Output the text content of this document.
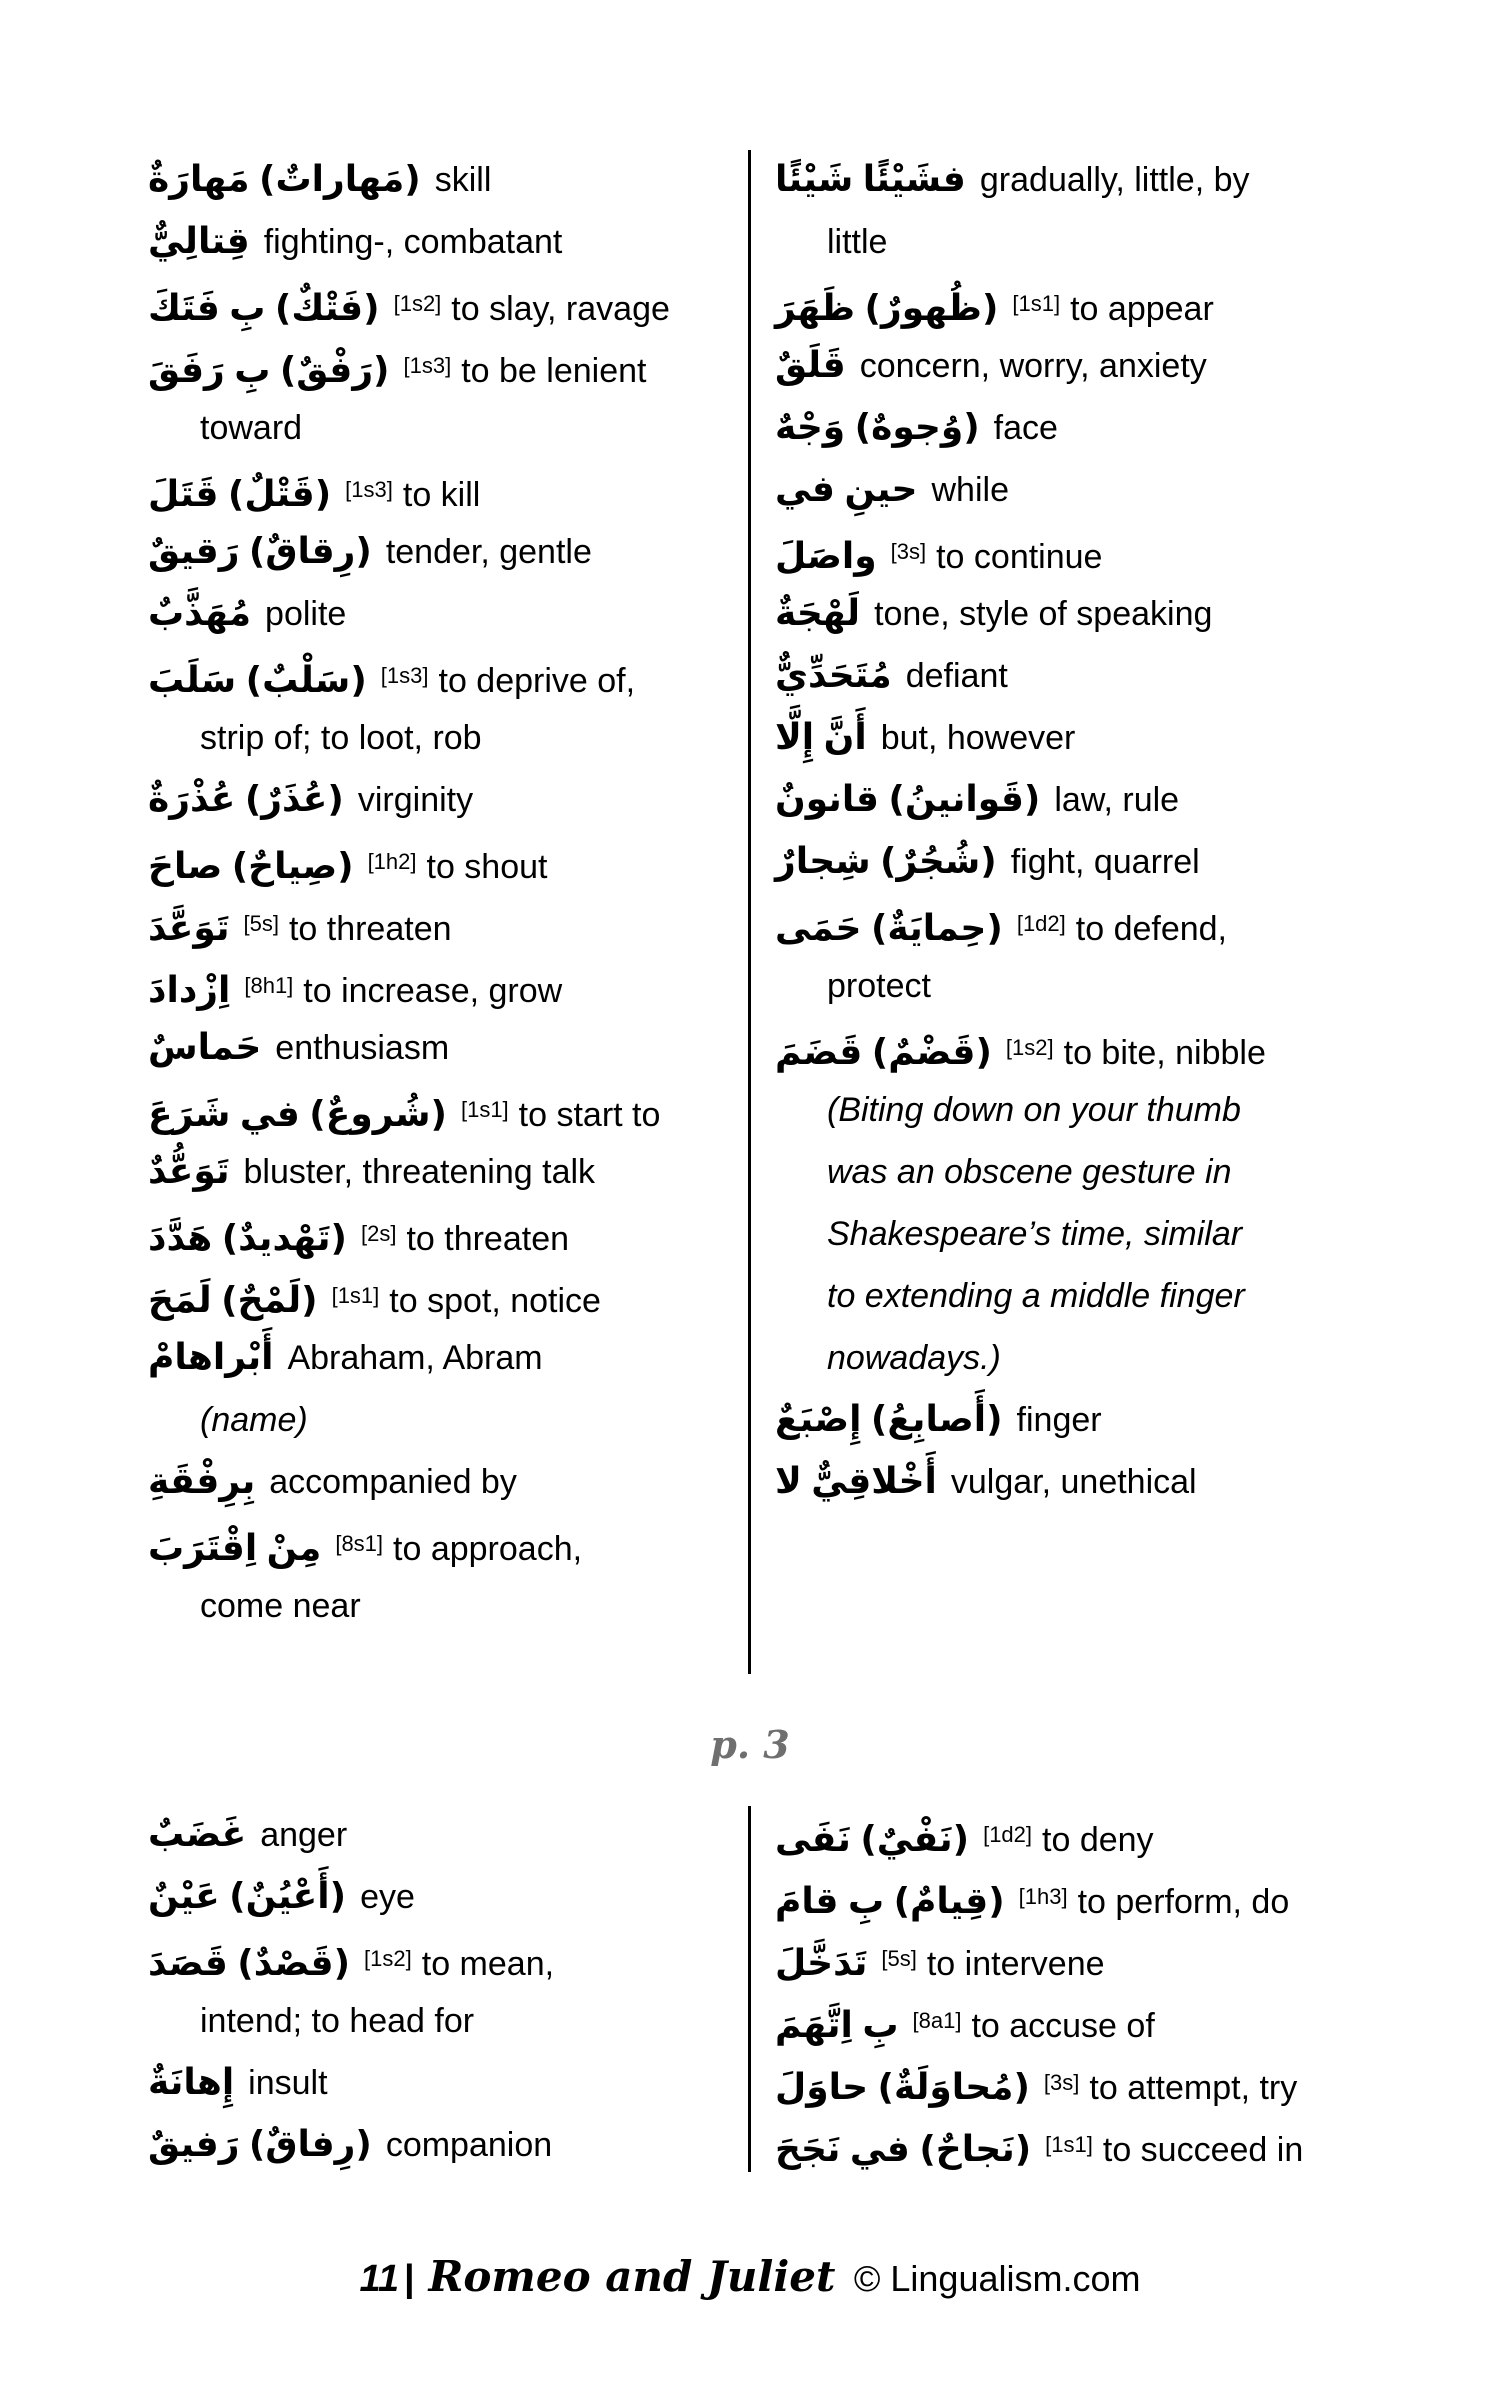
مَهارَةٌ (مَهاراتٌ) skill
قِتالِيٌّ fighting-, combatant
فَتَكَ بِ (فَتْكٌ) [1s2] to slay, ravage
رَفَقَ بِ (رَفْقٌ) [1s3] to be lenient
toward
قَتَلَ (قَتْلٌ) [1s3] to kill
رَقيقٌ (رِقاقٌ) tender, gentle
مُهَذَّبٌ polite
سَلَبَ (سَلْبٌ) [1s3] to deprive of,
strip of; to loot, rob
عُذْرَةٌ (عُذَرٌ) virginity
صاحَ (صِياحٌ) [1h2] to shout
تَوَعَّدَ [5s] to threaten
اِزْدادَ [8h1] to increase, grow
حَماسٌ enthusiasm
شَرَعَ في (شُروعٌ) [1s1] to start to
تَوَعُّدٌ bluster, threatening talk
هَدَّدَ (تَهْديدٌ) [2s] to threaten
لَمَحَ (لَمْحٌ) [1s1] to spot, notice
أَبْراهامْ Abraham, Abram
(name)
بِرِفْقَةِ accompanied by
اِقْتَرَبَ مِنْ [8s1] to approach,
come near
شَيْئًا فشَيْئًا gradually, little, by
little
ظَهَرَ (ظُهورٌ) [1s1] to appear
قَلَقٌ concern, worry, anxiety
وَجْهٌ (وُجوهٌ) face
في حينِ while
واصَلَ [3s] to continue
لَهْجَةٌ tone, style of speaking
مُتَحَدِّيٌّ defiant
إِلَّا أَنَّ but, however
قانونٌ (قَوانينُ) law, rule
شِجارٌ (شُجُرٌ) fight, quarrel
حَمَى (حِمايَةٌ) [1d2] to defend,
protect
قَضَمَ (قَضْمٌ) [1s2] to bite, nibble
(Biting down on your thumb
was an obscene gesture in
Shakespeare’s time, similar
to extending a middle finger
nowadays.)
إِصْبَعٌ (أَصابِعُ) finger
لا أَخْلاقِيٌّ vulgar, unethical
p. 3
غَضَبٌ anger
عَيْنٌ (أَعْيُنٌ) eye
قَصَدَ (قَصْدٌ) [1s2] to mean,
intend; to head for
إِهانَةٌ insult
رَفيقٌ (رِفاقٌ) companion
نَفَى (نَفْيٌ) [1d2] to deny
قامَ بِ (قِيامٌ) [1h3] to perform, do
تَدَخَّلَ [5s] to intervene
اِتَّهَمَ بِ [8a1] to accuse of
حاوَلَ (مُحاوَلَةٌ) [3s] to attempt, try
نَجَحَ في (نَجاحٌ) [1s1] to succeed in
11 | Romeo and Juliet © Lingualism.com
